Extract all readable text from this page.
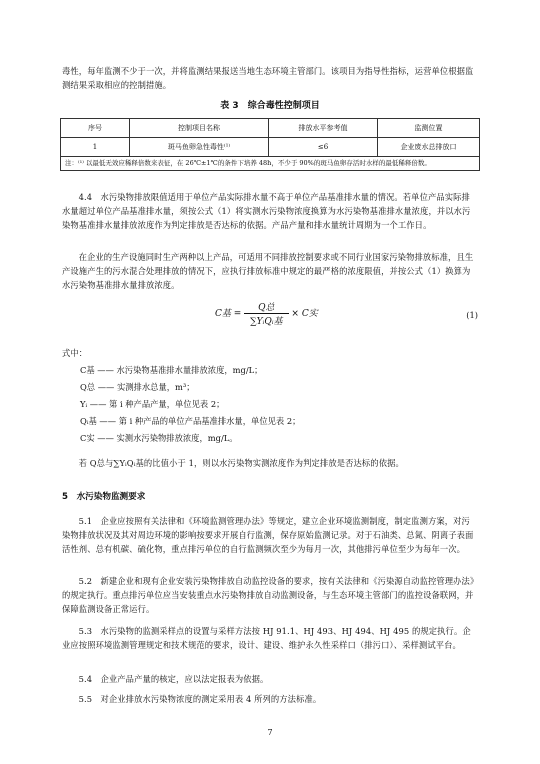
毒性，每年监测不少于一次，并将监测结果报送当地生态环境主管部门。该项目为指导性指标，运营单位根据监测结果采取相应的控制措施。
表 3　综合毒性控制项目
序号	控制项目名称	排放水平参考值	监测位置
1	斑马鱼卵急性毒性⁽¹⁾	≤6	企业废水总排放口
注：⁽¹⁾ 以最低无效应稀释倍数来表征，在 26℃±1℃的条件下培养 48h，不少于 90%的斑马鱼卵存活时水样的最低稀释倍数。			
4.4　水污染物排放限值适用于单位产品实际排水量不高于单位产品基准排水量的情况。若单位产品实际排水量超过单位产品基准排水量，须按公式（1）将实测水污染物浓度换算为水污染物基准排水量浓度，并以水污染物基准排水量排放浓度作为判定排放是否达标的依据。产品产量和排水量统计周期为一个工作日。
在企业的生产设施同时生产两种以上产品，可适用不同排放控制要求或不同行业国家污染物排放标准，且生产设施产生的污水混合处理排放的情况下，应执行排放标准中规定的最严格的浓度限值，并按公式（1）换算为水污染物基准排水量排放浓度。
C基 = $\frac{\text{Q总}}{\text{∑YᵢQᵢ基}} \times C$实	(1)
式中：
C基 —— 水污染物基准排水量排放浓度，mg/L；
Q总 —— 实测排水总量，m³；
Yᵢ —— 第 i 种产品产量，单位见表 2；
Qᵢ基 —— 第 i 种产品的单位产品基准排水量，单位见表 2；
C实 —— 实测水污染物排放浓度，mg/L。
若 Q总与∑YᵢQᵢ基的比值小于 1，则以水污染物实测浓度作为判定排放是否达标的依据。
5　水污染物监测要求
5.1　企业应按照有关法律和《环境监测管理办法》等规定，建立企业环境监测制度，制定监测方案，对污染物排放状况及其对周边环境的影响按要求开展自行监测，保存原始监测记录。对于石油类、总氮、阴离子表面活性剂、总有机碳、硫化物，重点排污单位的自行监测频次至少为每月一次，其他排污单位至少为每年一次。
5.2　新建企业和现有企业安装污染物排放自动监控设备的要求，按有关法律和《污染源自动监控管理办法》的规定执行。重点排污单位应当安装重点水污染物排放自动监测设备，与生态环境主管部门的监控设备联网，并保障监测设备正常运行。
5.3　水污染物的监测采样点的设置与采样方法按 HJ 91.1、HJ 493、HJ 494、HJ 495 的规定执行。企业应按照环境监测管理规定和技术规范的要求，设计、建设、维护永久性采样口（排污口）、采样测试平台。
5.4　企业产品产量的核定，应以法定报表为依据。
5.5　对企业排放水污染物浓度的测定采用表 4 所列的方法标准。
7
